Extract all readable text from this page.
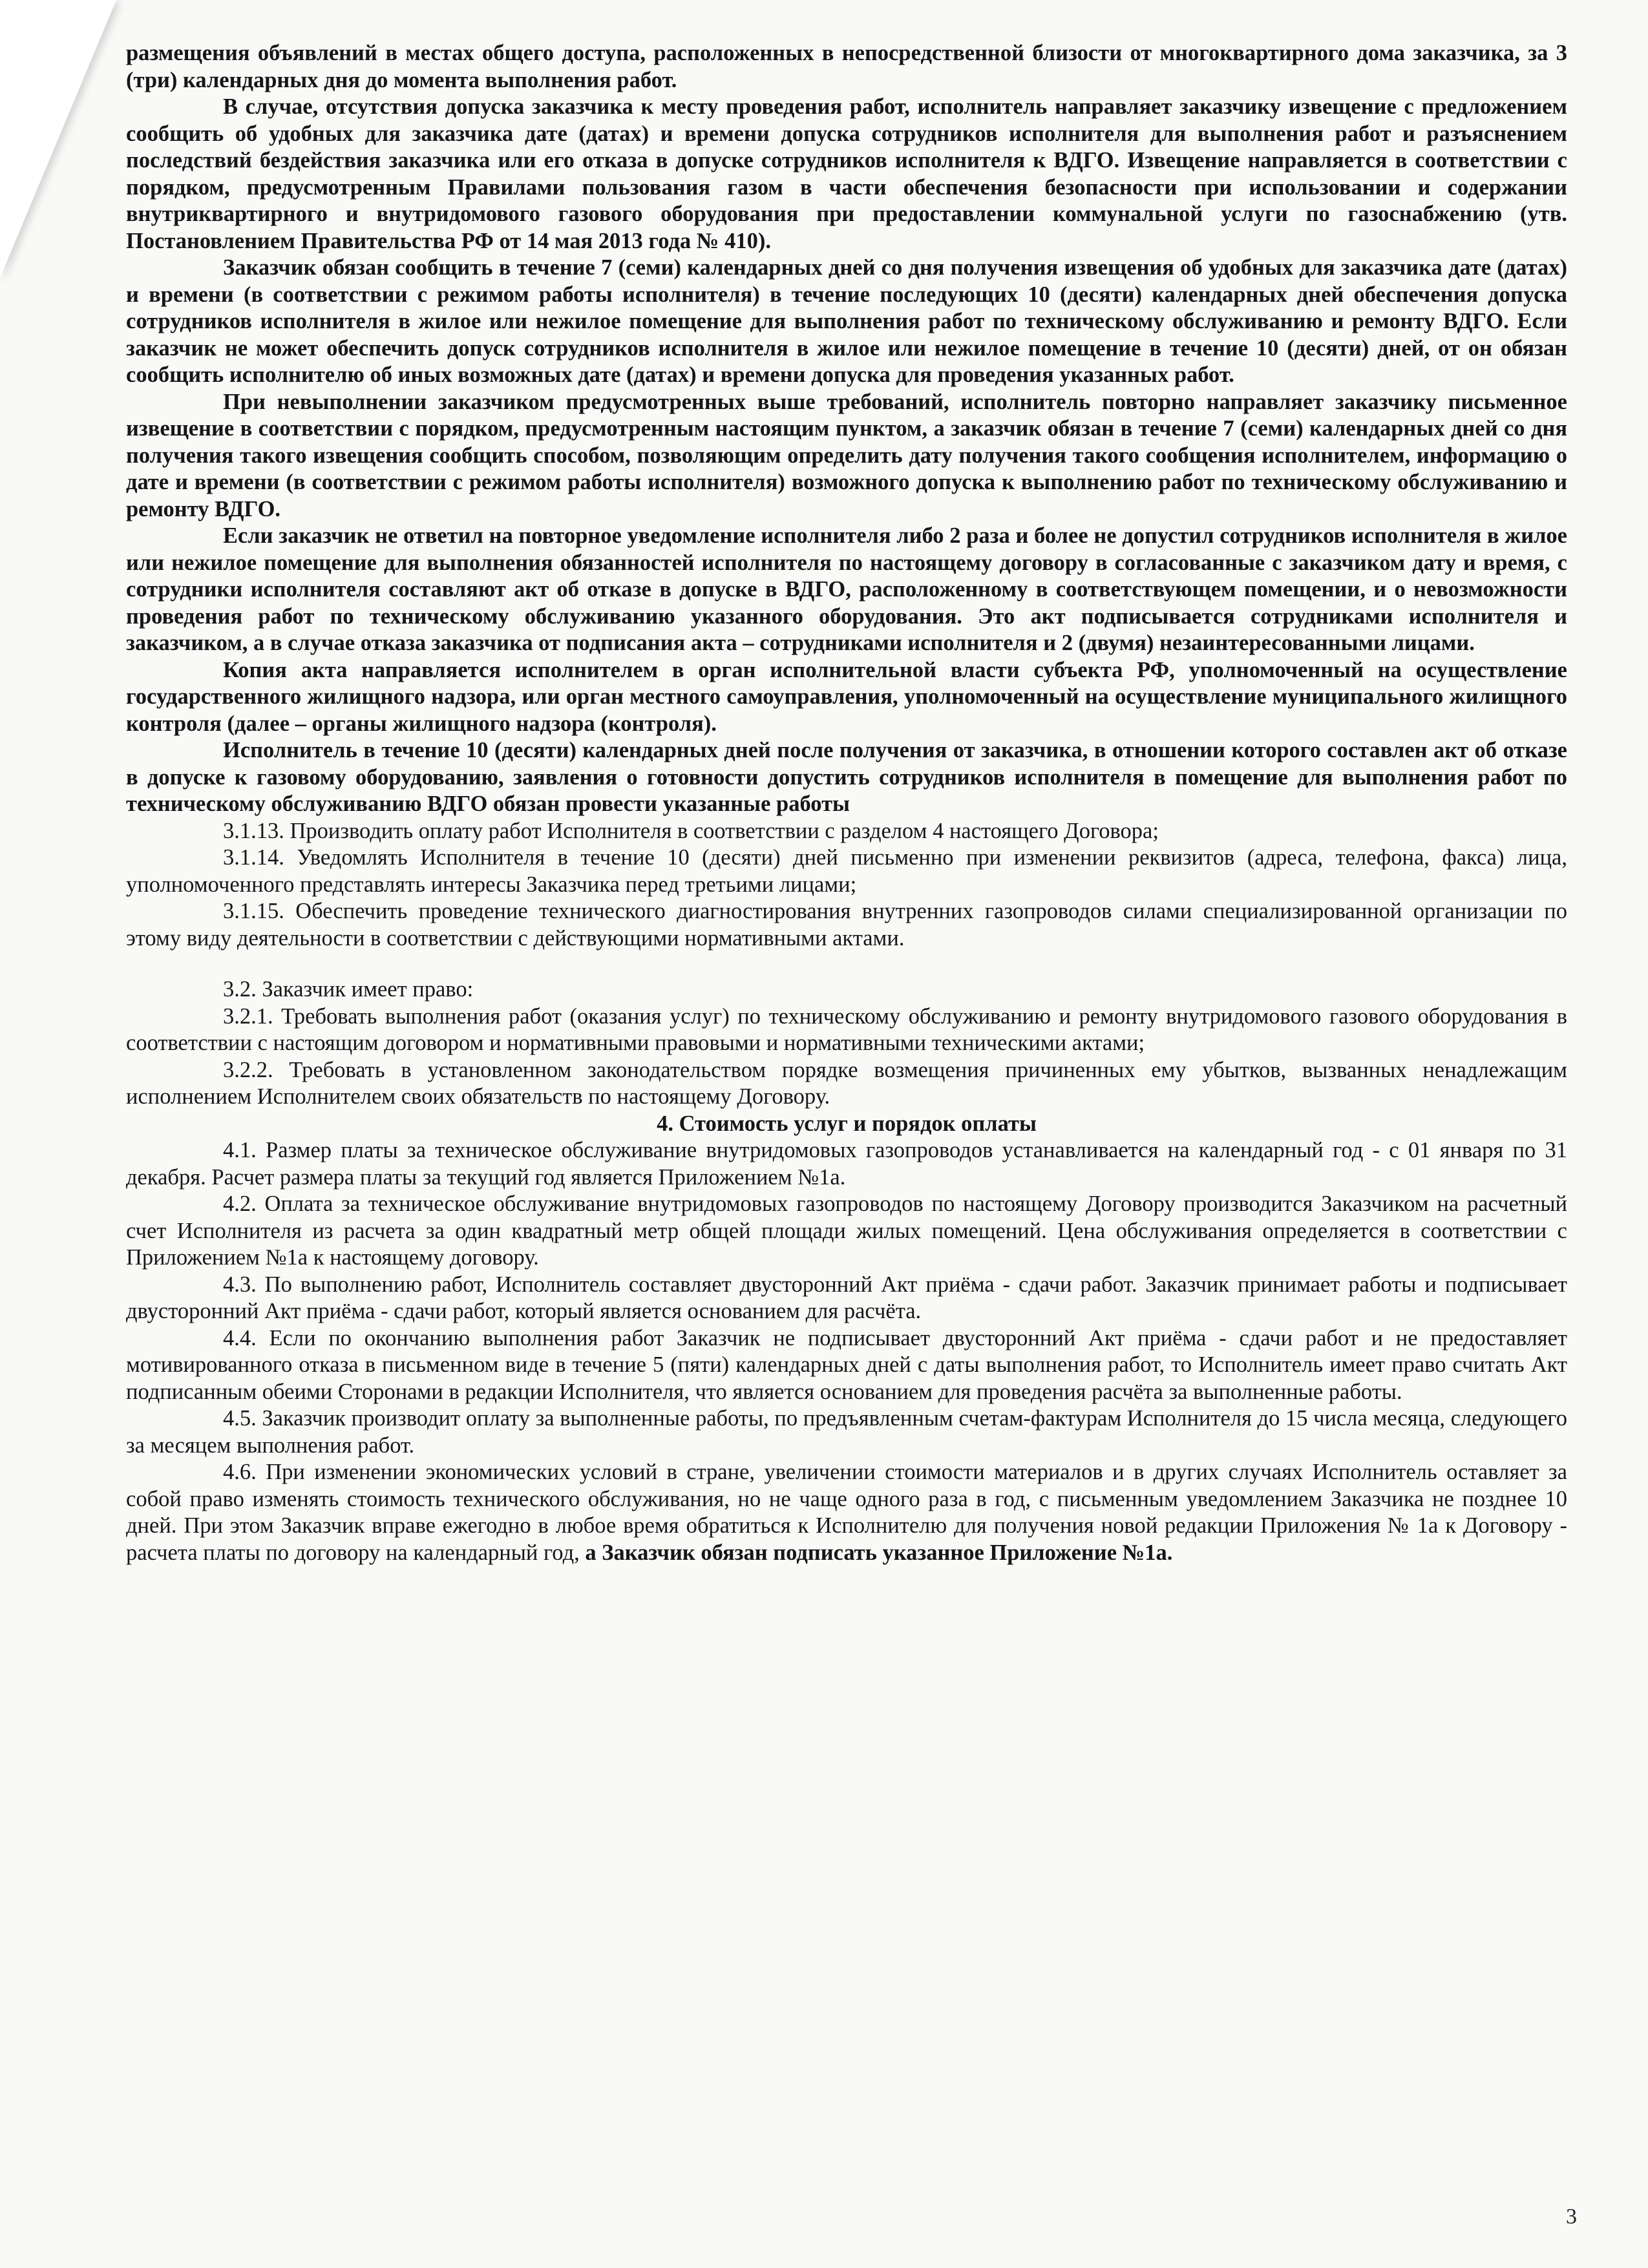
размещения объявлений в местах общего доступа, расположенных в непосредственной близости от многоквартирного дома заказчика, за 3 (три) календарных дня до момента выполнения работ.

В случае, отсутствия допуска заказчика к месту проведения работ, исполнитель направляет заказчику извещение с предложением сообщить об удобных для заказчика дате (датах) и времени допуска сотрудников исполнителя для выполнения работ и разъяснением последствий бездействия заказчика или его отказа в допуске сотрудников исполнителя к ВДГО. Извещение направляется в соответствии с порядком, предусмотренным Правилами пользования газом в части обеспечения безопасности при использовании и содержании внутриквартирного и внутридомового газового оборудования при предоставлении коммунальной услуги по газоснабжению (утв. Постановлением Правительства РФ от 14 мая 2013 года № 410).

Заказчик обязан сообщить в течение 7 (семи) календарных дней со дня получения извещения об удобных для заказчика дате (датах) и времени (в соответствии с режимом работы исполнителя) в течение последующих 10 (десяти) календарных дней обеспечения допуска сотрудников исполнителя в жилое или нежилое помещение для выполнения работ по техническому обслуживанию и ремонту ВДГО. Если заказчик не может обеспечить допуск сотрудников исполнителя в жилое или нежилое помещение в течение 10 (десяти) дней, от он обязан сообщить исполнителю об иных возможных дате (датах) и времени допуска для проведения указанных работ.

При невыполнении заказчиком предусмотренных выше требований, исполнитель повторно направляет заказчику письменное извещение в соответствии с порядком, предусмотренным настоящим пунктом, а заказчик обязан в течение 7 (семи) календарных дней со дня получения такого извещения сообщить способом, позволяющим определить дату получения такого сообщения исполнителем, информацию о дате и времени (в соответствии с режимом работы исполнителя) возможного допуска к выполнению работ по техническому обслуживанию и ремонту ВДГО.

Если заказчик не ответил на повторное уведомление исполнителя либо 2 раза и более не допустил сотрудников исполнителя в жилое или нежилое помещение для выполнения обязанностей исполнителя по настоящему договору в согласованные с заказчиком дату и время, с сотрудники исполнителя составляют акт об отказе в допуске в ВДГО, расположенному в соответствующем помещении, и о невозможности проведения работ по техническому обслуживанию указанного оборудования. Это акт подписывается сотрудниками исполнителя и заказчиком, а в случае отказа заказчика от подписания акта – сотрудниками исполнителя и 2 (двумя) незаинтересованными лицами.

Копия акта направляется исполнителем в орган исполнительной власти субъекта РФ, уполномоченный на осуществление государственного жилищного надзора, или орган местного самоуправления, уполномоченный на осуществление муниципального жилищного контроля (далее – органы жилищного надзора (контроля).

Исполнитель в течение 10 (десяти) календарных дней после получения от заказчика, в отношении которого составлен акт об отказе в допуске к газовому оборудованию, заявления о готовности допустить сотрудников исполнителя в помещение для выполнения работ по техническому обслуживанию ВДГО обязан провести указанные работы

3.1.13. Производить оплату работ Исполнителя в соответствии с разделом 4 настоящего Договора;

3.1.14. Уведомлять Исполнителя в течение 10 (десяти) дней письменно при изменении реквизитов (адреса, телефона, факса) лица, уполномоченного представлять интересы Заказчика перед третьими лицами;

3.1.15. Обеспечить проведение технического диагностирования внутренних газопроводов силами специализированной организации по этому виду деятельности в соответствии с действующими нормативными актами.

3.2. Заказчик имеет право:

3.2.1. Требовать выполнения работ (оказания услуг) по техническому обслуживанию и ремонту внутридомового газового оборудования в соответствии с настоящим договором и нормативными правовыми и нормативными техническими актами;

3.2.2. Требовать в установленном законодательством порядке возмещения причиненных ему убытков, вызванных ненадлежащим исполнением Исполнителем своих обязательств по настоящему Договору.

4. Стоимость услуг и порядок оплаты

4.1. Размер платы за техническое обслуживание внутридомовых газопроводов устанавливается на календарный год - с 01 января по 31 декабря. Расчет размера платы за текущий год является Приложением №1а.

4.2. Оплата за техническое обслуживание внутридомовых газопроводов по настоящему Договору производится Заказчиком на расчетный счет Исполнителя из расчета за один квадратный метр общей площади жилых помещений. Цена обслуживания определяется в соответствии с Приложением №1а к настоящему договору.

4.3. По выполнению работ, Исполнитель составляет двусторонний Акт приёма - сдачи работ. Заказчик принимает работы и подписывает двусторонний Акт приёма - сдачи работ, который является основанием для расчёта.

4.4. Если по окончанию выполнения работ Заказчик не подписывает двусторонний Акт приёма - сдачи работ и не предоставляет мотивированного отказа в письменном виде в течение 5 (пяти) календарных дней с даты выполнения работ, то Исполнитель имеет право считать Акт подписанным обеими Сторонами в редакции Исполнителя, что является основанием для проведения расчёта за выполненные работы.

4.5. Заказчик производит оплату за выполненные работы, по предъявленным счетам-фактурам Исполнителя до 15 числа месяца, следующего за месяцем выполнения работ.

4.6. При изменении экономических условий в стране, увеличении стоимости материалов и в других случаях Исполнитель оставляет за собой право изменять стоимость технического обслуживания, но не чаще одного раза в год, с письменным уведомлением Заказчика не позднее 10 дней. При этом Заказчик вправе ежегодно в любое время обратиться к Исполнителю для получения новой редакции Приложения № 1а к Договору - расчета платы по договору на календарный год, а Заказчик обязан подписать указанное Приложение №1а.

3
